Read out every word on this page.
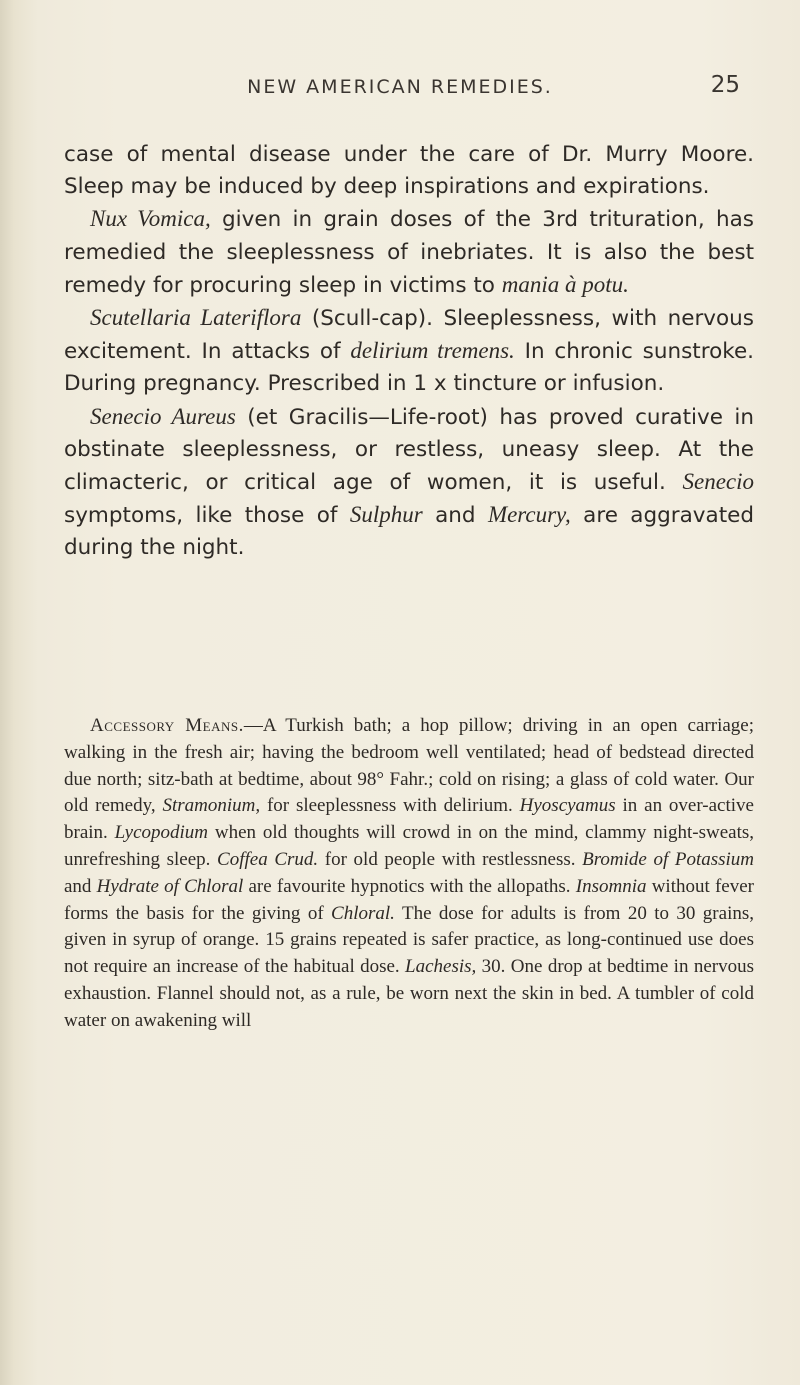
NEW AMERICAN REMEDIES.	25

case of mental disease under the care of Dr. Murry Moore. Sleep may be induced by deep inspirations and expirations.

Nux Vomica, given in grain doses of the 3rd trituration, has remedied the sleeplessness of inebriates. It is also the best remedy for procuring sleep in victims to mania à potu.

Scutellaria Lateriflora (Scull-cap). Sleeplessness, with nervous excitement. In attacks of delirium tremens. In chronic sunstroke. During pregnancy. Prescribed in 1 x tincture or infusion.

Senecio Aureus (et Gracilis—Life-root) has proved curative in obstinate sleeplessness, or restless, uneasy sleep. At the climacteric, or critical age of women, it is useful. Senecio symptoms, like those of Sulphur and Mercury, are aggravated during the night.

Accessory Means.—A Turkish bath; a hop pillow; driving in an open carriage; walking in the fresh air; having the bedroom well ventilated; head of bedstead directed due north; sitz-bath at bedtime, about 98° Fahr.; cold on rising; a glass of cold water. Our old remedy, Stramonium, for sleeplessness with delirium. Hyoscyamus in an over-active brain. Lycopodium when old thoughts will crowd in on the mind, clammy night-sweats, unrefreshing sleep. Coffea Crud. for old people with restlessness. Bromide of Potassium and Hydrate of Chloral are favourite hypnotics with the allopaths. Insomnia without fever forms the basis for the giving of Chloral. The dose for adults is from 20 to 30 grains, given in syrup of orange. 15 grains repeated is safer practice, as long-continued use does not require an increase of the habitual dose. Lachesis, 30. One drop at bedtime in nervous exhaustion. Flannel should not, as a rule, be worn next the skin in bed. A tumbler of cold water on awakening will
